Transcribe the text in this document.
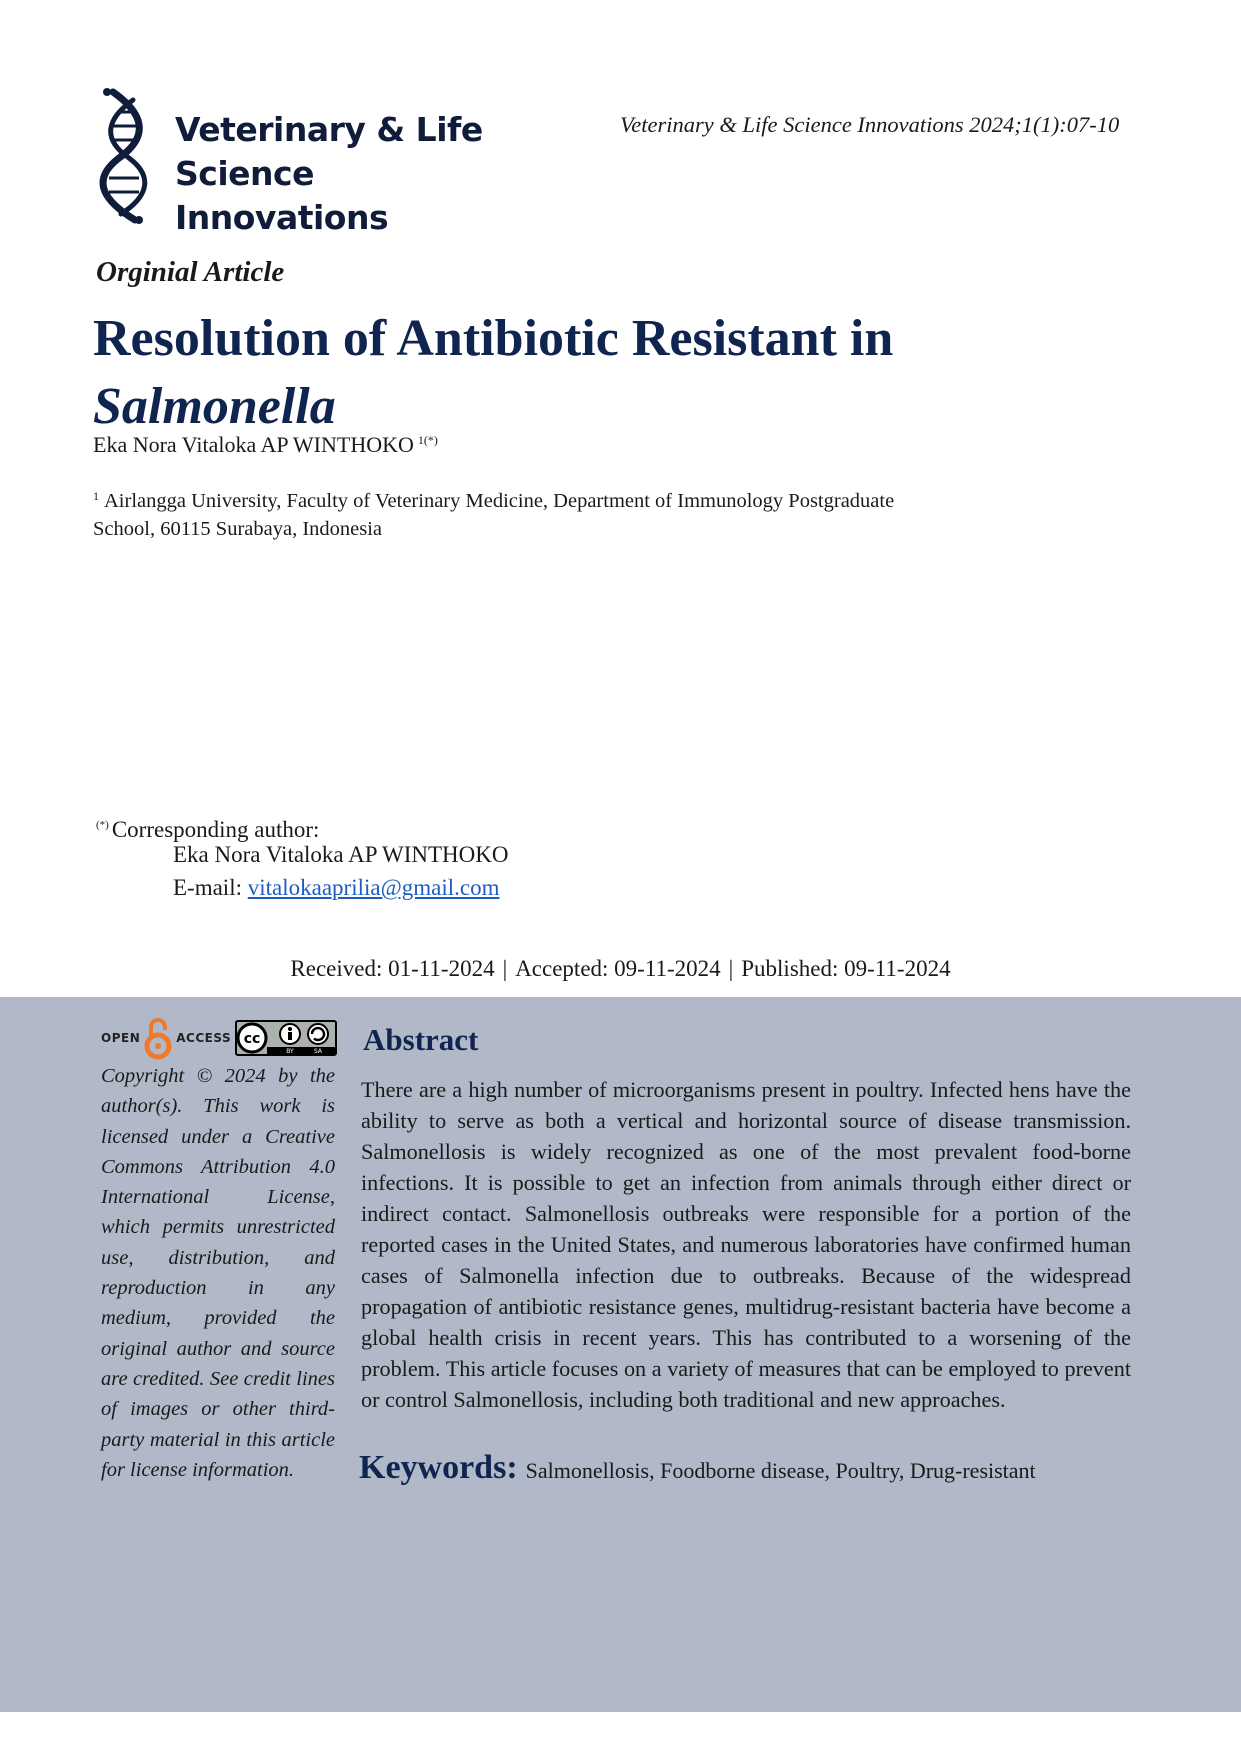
Veterinary & Life Science
Innovations
Veterinary & Life Science Innovations 2024;1(1):07-10
Orginial Article
Resolution of Antibiotic Resistant in
Salmonella
Eka Nora Vitaloka AP WINTHOKO $^{1(*)}$
$^1$ Airlangga University, Faculty of Veterinary Medicine, Department of Immunology Postgraduate
School, 60115 Surabaya, Indonesia
(*) Corresponding author:
Eka Nora Vitaloka AP WINTHOKO
E-mail: vitalokaaprilia@gmail.com
Received: 01-11-2024 | Accepted: 09-11-2024 | Published: 09-11-2024
OPEN	ACCESS cc
BY	SA
Copyright © 2024 by the author(s). This work is licensed under a Creative Commons Attribution 4.0 International License, which permits unrestricted use, distribution, and reproduction in any medium, provided the original author and source are credited. See credit lines of images or other third-party material in this article for license information.
Abstract
There are a high number of microorganisms present in poultry. Infected hens have the ability to serve as both a vertical and horizontal source of disease transmission. Salmonellosis is widely recognized as one of the most prevalent food-borne infections. It is possible to get an infection from animals through either direct or indirect contact. Salmonellosis outbreaks were responsible for a portion of the reported cases in the United States, and numerous laboratories have confirmed human cases of Salmonella infection due to outbreaks. Because of the widespread propagation of antibiotic resistance genes, multidrug-resistant bacteria have become a global health crisis in recent years. This has contributed to a worsening of the problem. This article focuses on a variety of measures that can be employed to prevent or control Salmonellosis, including both traditional and new approaches.
Keywords: Salmonellosis, Foodborne disease, Poultry, Drug-resistant
